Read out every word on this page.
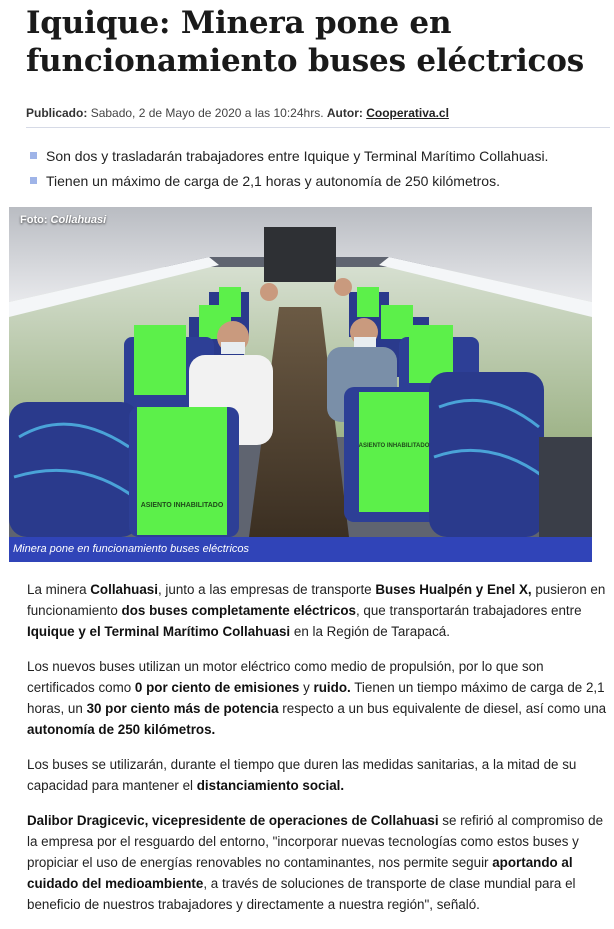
Iquique: Minera pone en funcionamiento buses eléctricos
Publicado: Sabado, 2 de Mayo de 2020 a las 10:24hrs. Autor: Cooperativa.cl
Son dos y trasladarán trabajadores entre Iquique y Terminal Marítimo Collahuasi.
Tienen un máximo de carga de 2,1 horas y autonomía de 250 kilómetros.
ASIENTO INHABILITADO
ASIENTO INHABILITADO
Foto: Collahuasi
Minera pone en funcionamiento buses eléctricos

La minera Collahuasi, junto a las empresas de transporte Buses Hualpén y Enel X, pusieron en funcionamiento dos buses completamente eléctricos, que transportarán trabajadores entre Iquique y el Terminal Marítimo Collahuasi en la Región de Tarapacá.

Los nuevos buses utilizan un motor eléctrico como medio de propulsión, por lo que son certificados como 0 por ciento de emisiones y ruido. Tienen un tiempo máximo de carga de 2,1 horas, un 30 por ciento más de potencia respecto a un bus equivalente de diesel, así como una autonomía de 250 kilómetros.

Los buses se utilizarán, durante el tiempo que duren las medidas sanitarias, a la mitad de su capacidad para mantener el distanciamiento social.

Dalibor Dragicevic, vicepresidente de operaciones de Collahuasi se refirió al compromiso de la empresa por el resguardo del entorno, "incorporar nuevas tecnologías como estos buses y propiciar el uso de energías renovables no contaminantes, nos permite seguir aportando al cuidado del medioambiente, a través de soluciones de transporte de clase mundial para el beneficio de nuestros trabajadores y directamente a nuestra región", señaló.
